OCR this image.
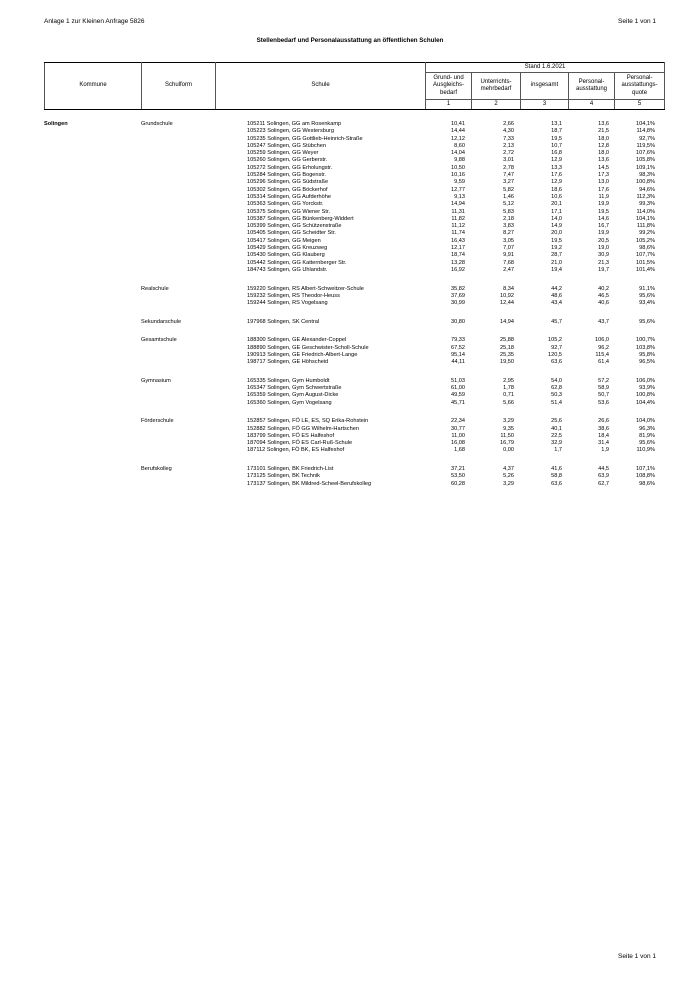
Anlage 1 zur Kleinen Anfrage 5826	Seite 1 von 1
Stellenbedarf und Personalausstattung an öffentlichen Schulen
Kommune	Schulform	Schule	Stand 1.6.2021				
			Grund- und Ausgleichs-bedarf	Unterrichts-mehrbedarf	insgesamt	Personal-ausstattung	Personal-ausstattungs-quote
			1	2	3	4	5
Solingen	Grundschule	105211 Solingen, GG am Rosenkamp	10,41	2,66	13,1	13,6	104,1%
105223 Solingen, GG Westersburg	14,44	4,30	18,7	21,5	114,8%
105235 Solingen, GG Gottlieb-Heinrich-Straße	12,12	7,33	19,5	18,0	92,7%
105247 Solingen, GG Stübchen	8,60	2,13	10,7	12,8	119,5%
105259 Solingen, GG Weyer	14,04	2,72	16,8	18,0	107,6%
105260 Solingen, GG Gerberstr.	9,88	3,01	12,9	13,6	105,8%
105272 Solingen, GG Erholungstr.	10,50	2,78	13,3	14,5	109,1%
105284 Solingen, GG Bogenstr.	10,16	7,47	17,6	17,3	98,3%
105296 Solingen, GG Südstraße	9,59	3,27	12,9	13,0	100,8%
105302 Solingen, GG Böckerhof	12,77	5,82	18,6	17,6	94,6%
105314 Solingen, GG Aufderhöhe	9,13	1,46	10,6	11,9	112,3%
105363 Solingen, GG Yorckstr.	14,94	5,12	20,1	19,9	99,3%
105375 Solingen, GG Wiener Str.	11,31	5,83	17,1	19,5	114,0%
105387 Solingen, GG Bünkenberg-Widdert	11,82	2,18	14,0	14,6	104,1%
105399 Solingen, GG Schützenstraße	11,12	3,83	14,9	16,7	111,8%
105405 Solingen, GG Scheidter Str.	11,74	8,27	20,0	19,9	99,2%
105417 Solingen, GG Meigen	16,43	3,05	19,5	20,5	105,2%
105429 Solingen, GG Kreuzweg	12,17	7,07	19,2	19,0	98,6%
105430 Solingen, GG Klauberg	18,74	9,91	28,7	30,9	107,7%
105442 Solingen, GG Katternberger Str.	13,28	7,68	21,0	21,3	101,5%
184743 Solingen, GG Uhlandstr.	16,92	2,47	19,4	19,7	101,4%
Realschule	159220 Solingen, RS Albert-Schweitzer-Schule	35,82	8,34	44,2	40,2	91,1%
159232 Solingen, RS Theodor-Heuss	37,69	10,92	48,6	46,5	95,6%
159244 Solingen, RS Vogelsang	30,99	12,44	43,4	40,6	93,4%
Sekundarschule	197968 Solingen, SK Central	30,80	14,94	45,7	43,7	95,6%
Gesamtschule	188300 Solingen, GE Alexander-Coppel	79,33	25,88	105,2	106,0	100,7%
188890 Solingen, GE Geschwister-Scholl-Schule	67,52	25,18	92,7	96,2	103,8%
190913 Solingen, GE Friedrich-Albert-Lange	95,14	25,35	120,5	115,4	95,8%
198717 Solingen, GE Höhscheid	44,11	19,50	63,6	61,4	96,5%
Gymnasium	165335 Solingen, Gym Humboldt	51,03	2,95	54,0	57,2	106,0%
165347 Solingen, Gym Schwertstraße	61,00	1,78	62,8	58,9	93,9%
165359 Solingen, Gym August-Dicke	49,59	0,71	50,3	50,7	100,8%
165360 Solingen, Gym Vogelsang	45,71	5,66	51,4	53,6	104,4%
Förderschule	152857 Solingen, FÖ LE, ES, SQ Erika-Rohstein	22,34	3,29	25,6	26,6	104,0%
152882 Solingen, FÖ GG Wilhelm-Hartschen	30,77	9,35	40,1	38,6	96,3%
183799 Solingen, FÖ ES Halfeshof	11,00	11,50	22,5	18,4	81,9%
187094 Solingen, FÖ ES Carl-Ruß-Schule	16,08	16,79	32,9	31,4	95,6%
187112 Solingen, FÖ BK, ES Halfeshof	1,68	0,00	1,7	1,9	110,9%
Berufskolleg	173101 Solingen, BK Friedrich-List	37,21	4,37	41,6	44,5	107,1%
173125 Solingen, BK Technik	53,50	5,26	58,8	63,9	108,8%
173137 Solingen, BK Mildred-Scheel-Berufskolleg	60,28	3,29	63,6	62,7	98,6%
Seite 1 von 1
